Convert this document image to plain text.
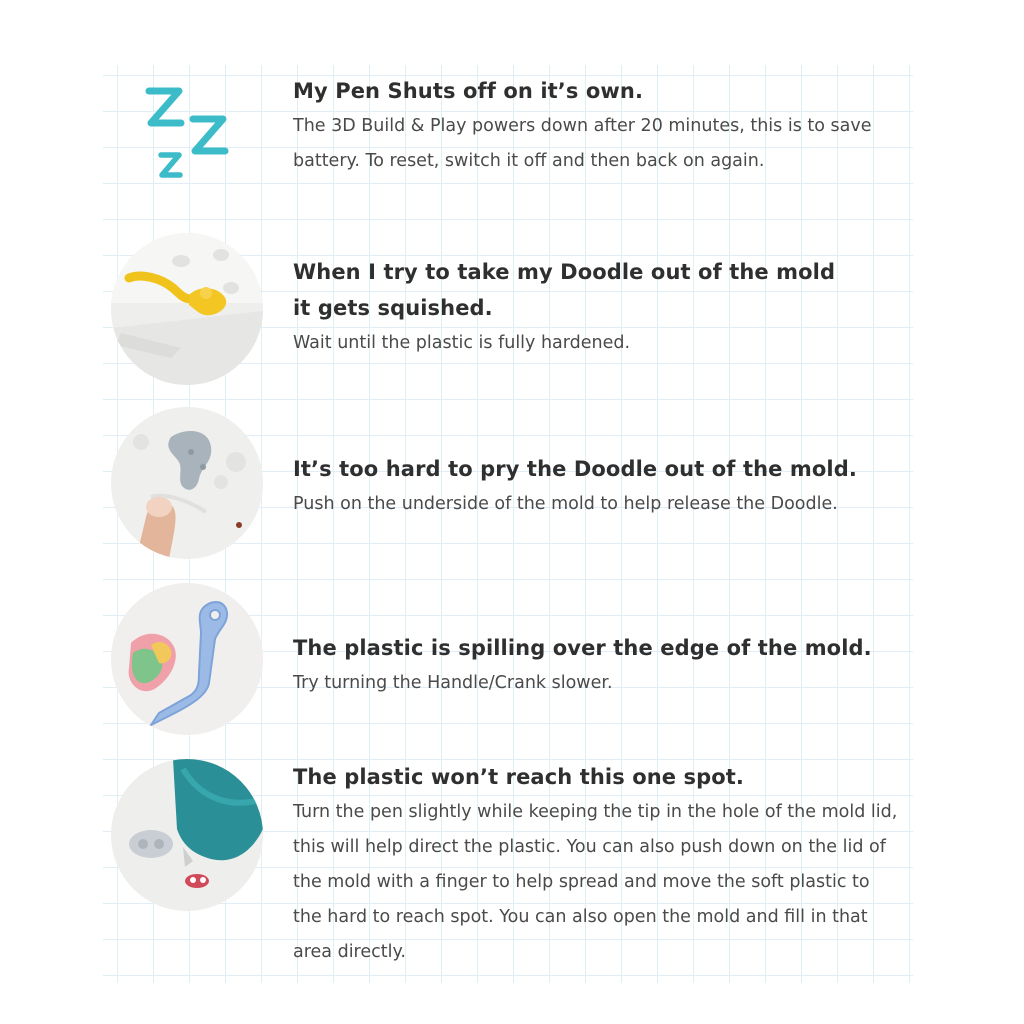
My Pen Shuts off on it’s own.

The 3D Build & Play powers down after 20 minutes, this is to save battery. To reset, switch it off and then back on again.

When I try to take my Doodle out of the mold it gets squished.

Wait until the plastic is fully hardened.

It’s too hard to pry the Doodle out of the mold.

Push on the underside of the mold to help release the Doodle.

The plastic is spilling over the edge of the mold.

Try turning the Handle/Crank slower.

The plastic won’t reach this one spot.

Turn the pen slightly while keeping the tip in the hole of the mold lid, this will help direct the plastic. You can also push down on the lid of the mold with a finger to help spread and move the soft plastic to the hard to reach spot. You can also open the mold and fill in that area directly.
